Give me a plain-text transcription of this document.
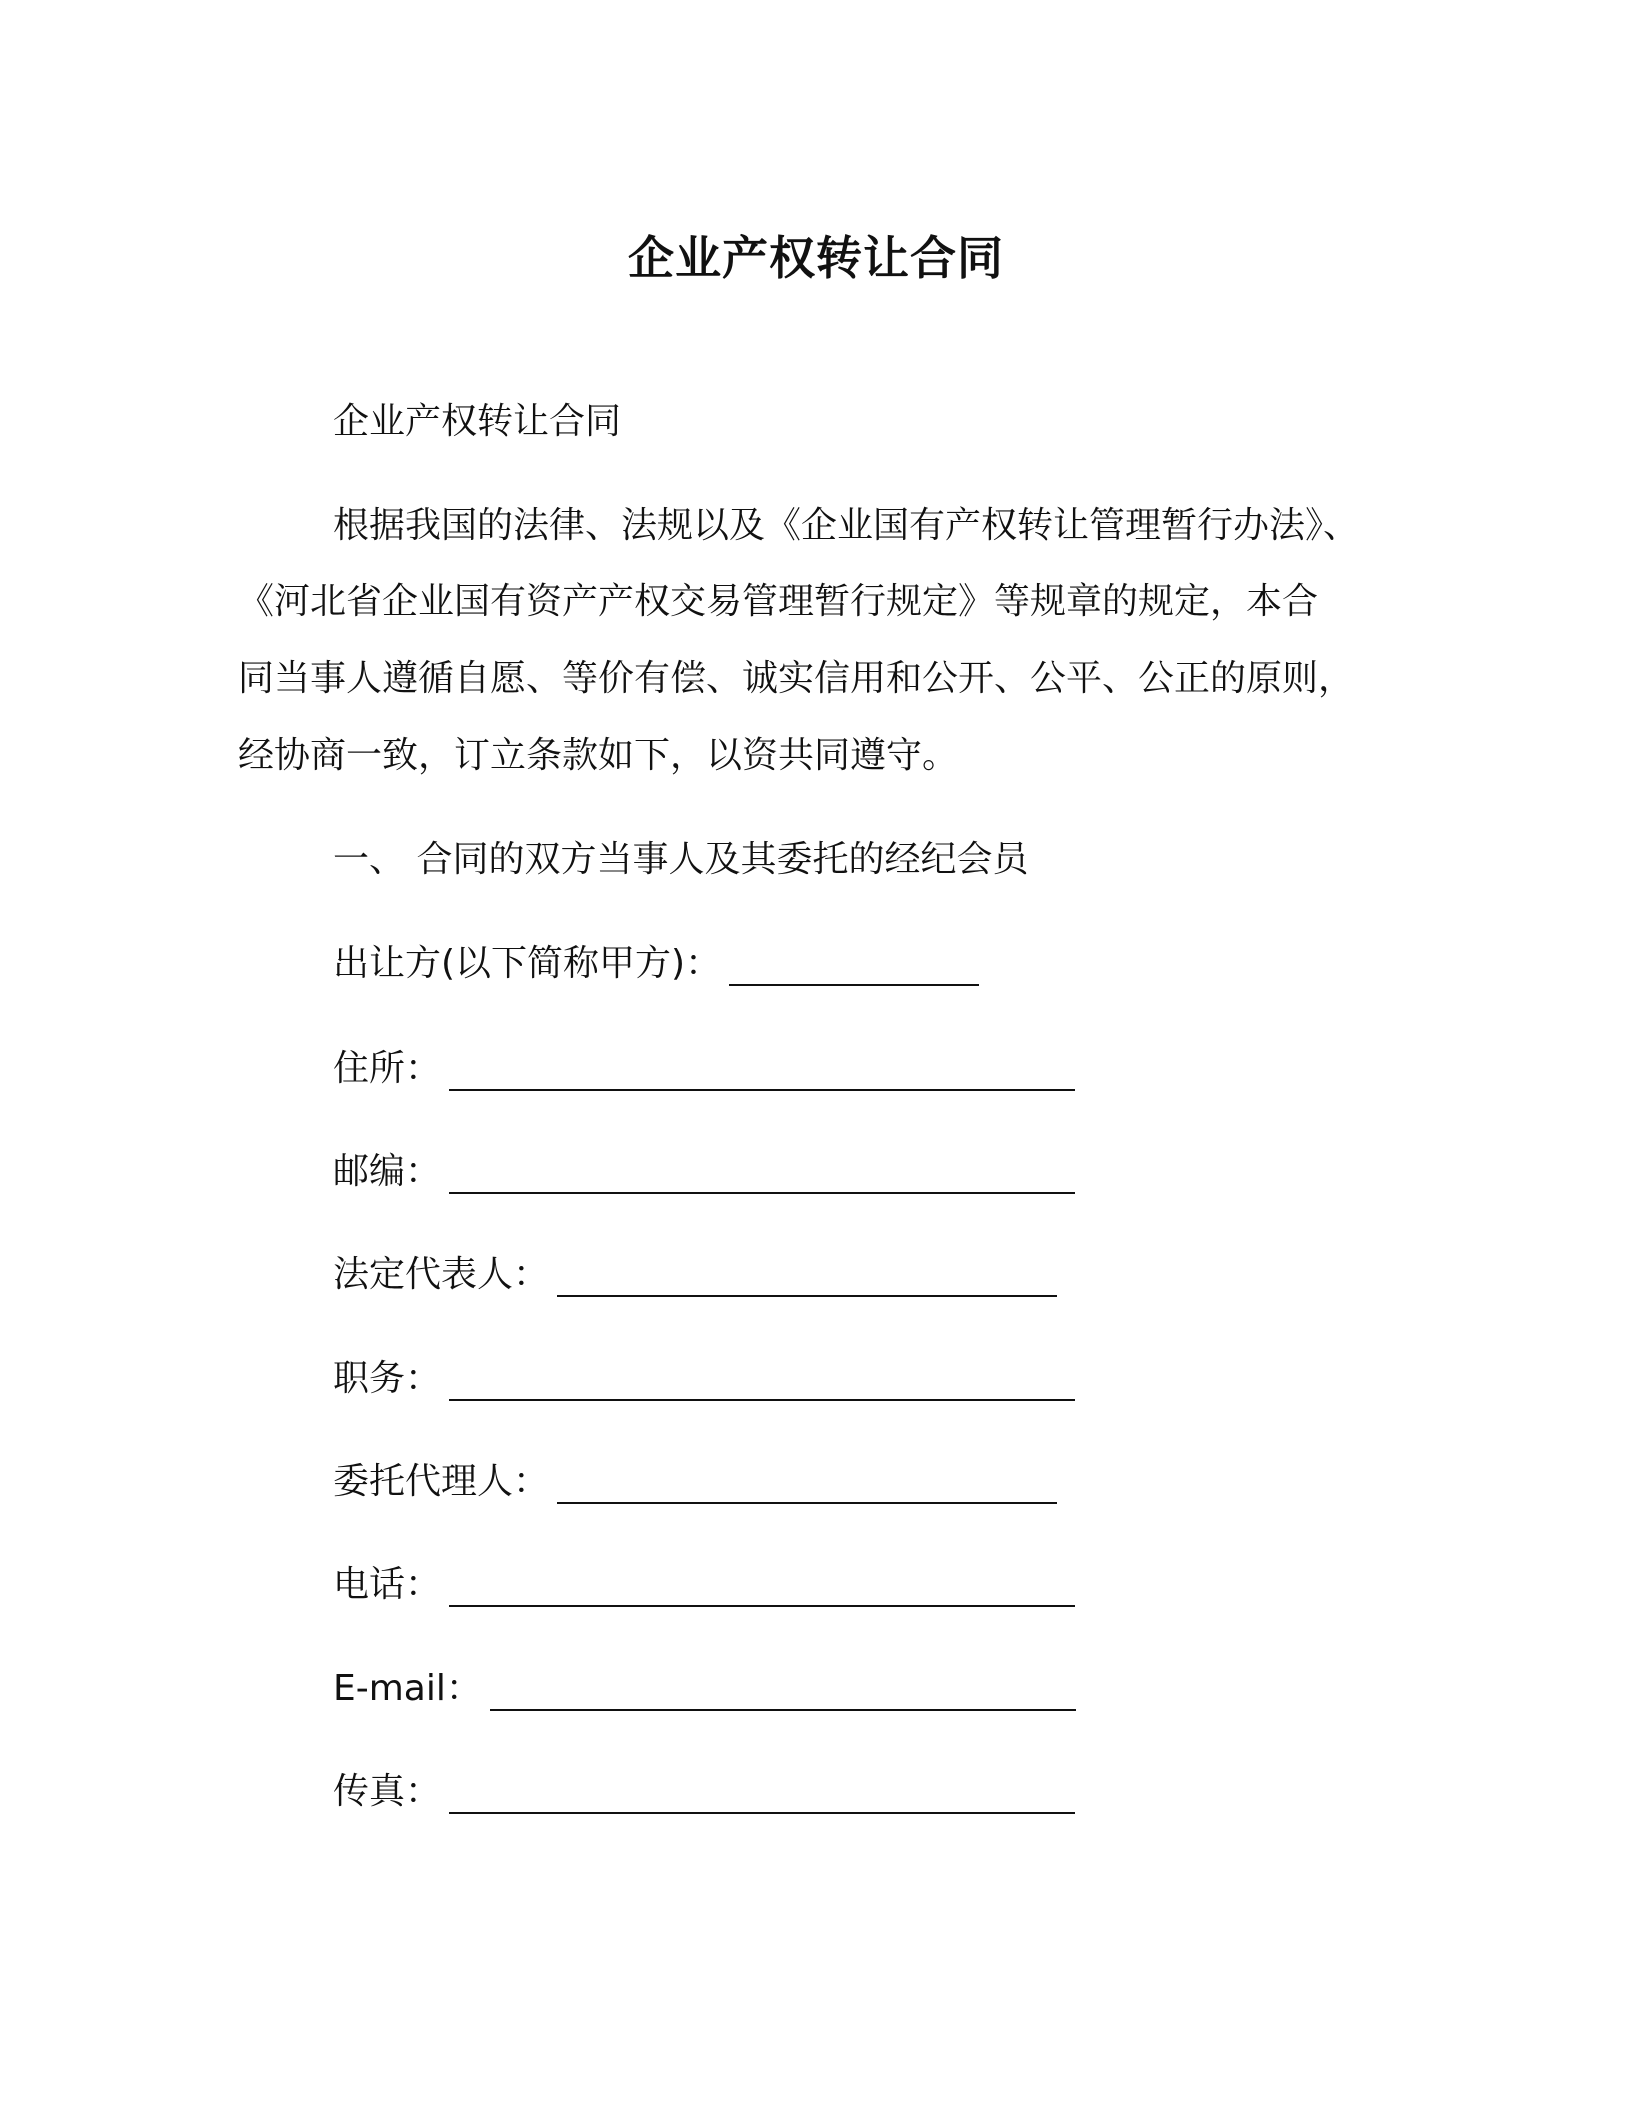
企业产权转让合同
企业产权转让合同
根据我国的法律、法规以及《企业国有产权转让管理暂行办法》、
《河北省企业国有资产产权交易管理暂行规定》等规章的规定，本合
同当事人遵循自愿、等价有偿、诚实信用和公开、公平、公正的原则，
经协商一致，订立条款如下，以资共同遵守。
一、 合同的双方当事人及其委托的经纪会员
出让方(以下简称甲方)：
住所：
邮编：
法定代表人：
职务：
委托代理人：
电话：
E-mail：
传真：
